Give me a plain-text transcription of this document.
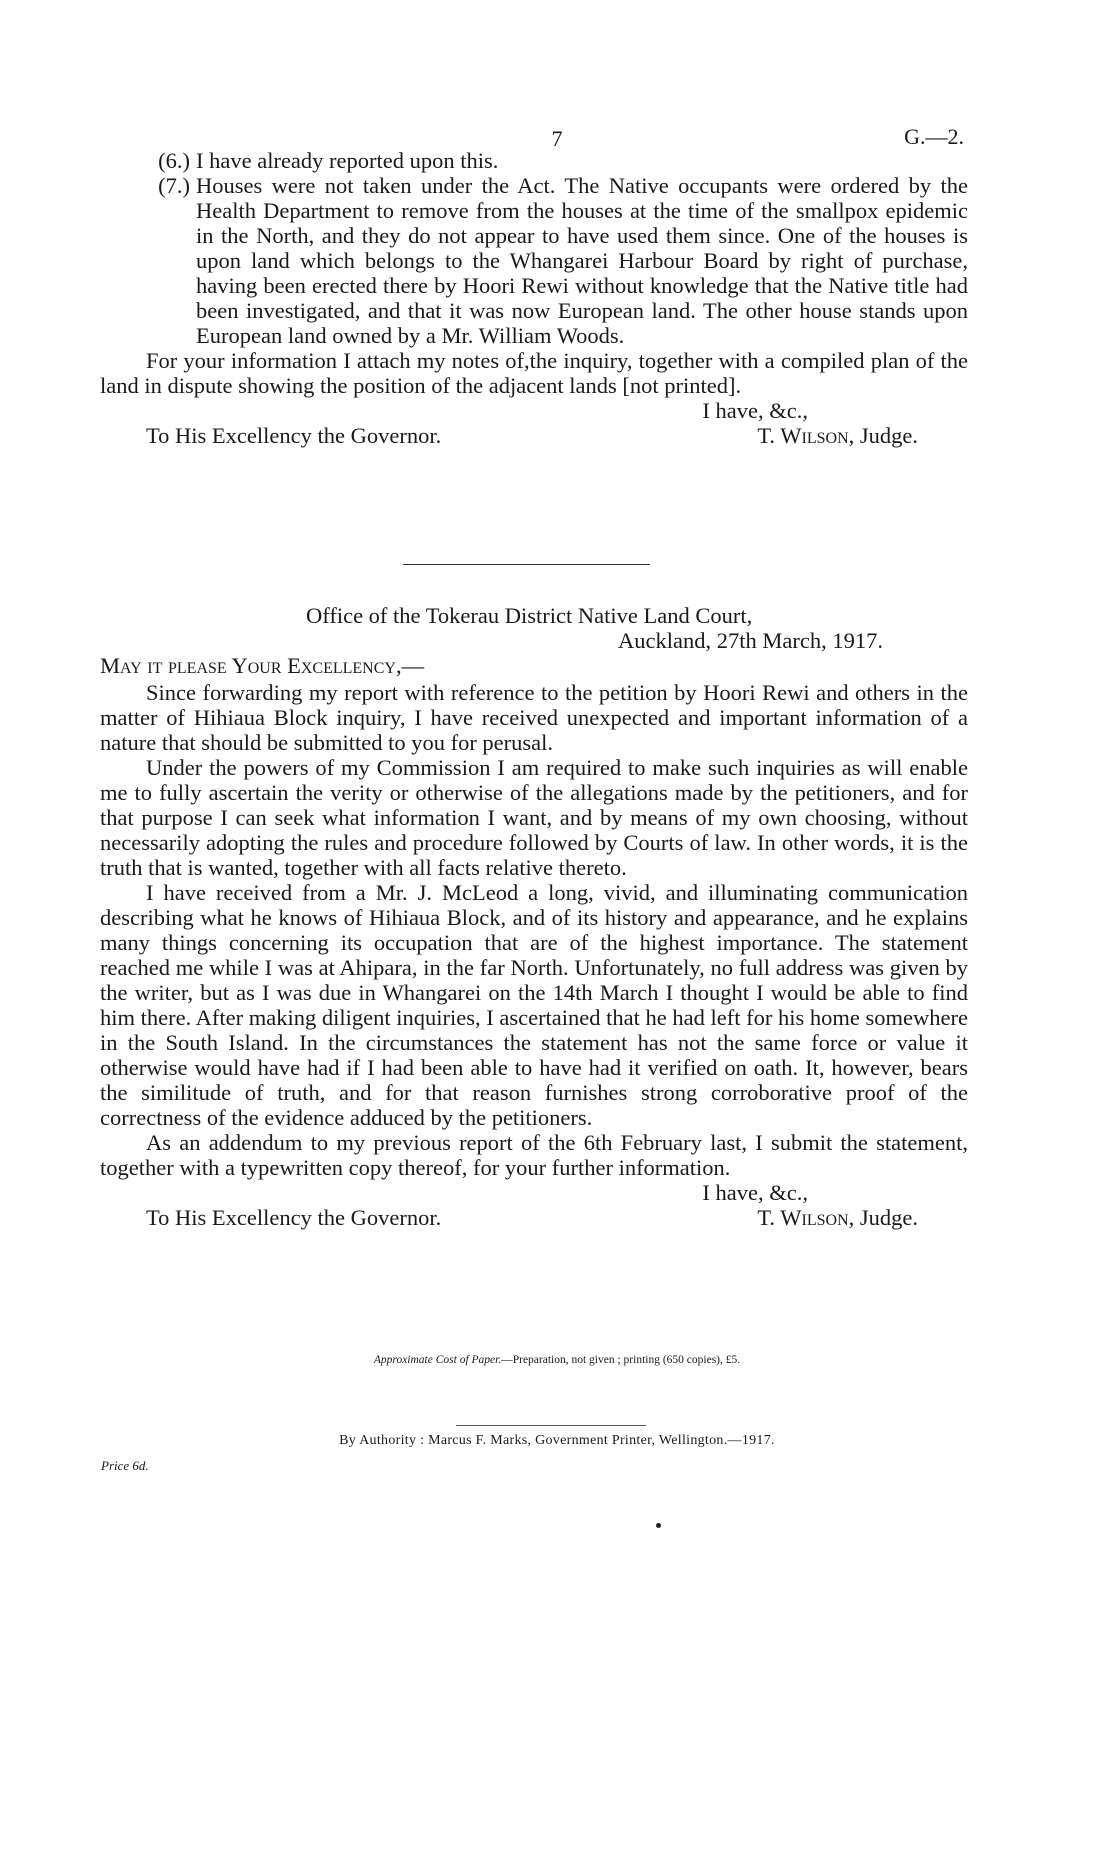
7	G.—2.
(6.) I have already reported upon this.
(7.) Houses were not taken under the Act. The Native occupants were ordered by the Health Department to remove from the houses at the time of the smallpox epidemic in the North, and they do not appear to have used them since. One of the houses is upon land which belongs to the Whangarei Harbour Board by right of purchase, having been erected there by Hoori Rewi without knowledge that the Native title had been investigated, and that it was now European land. The other house stands upon European land owned by a Mr. William Woods.

For your information I attach my notes of,the inquiry, together with a compiled plan of the land in dispute showing the position of the adjacent lands [not printed].

I have, &c.,
To His Excellency the Governor.	T. Wilson, Judge.
Office of the Tokerau District Native Land Court,
Auckland, 27th March, 1917.
May it please Your Excellency,—

Since forwarding my report with reference to the petition by Hoori Rewi and others in the matter of Hihiaua Block inquiry, I have received unexpected and important information of a nature that should be submitted to you for perusal.

Under the powers of my Commission I am required to make such inquiries as will enable me to fully ascertain the verity or otherwise of the allegations made by the petitioners, and for that purpose I can seek what information I want, and by means of my own choosing, without necessarily adopting the rules and procedure followed by Courts of law. In other words, it is the truth that is wanted, together with all facts relative thereto.

I have received from a Mr. J. McLeod a long, vivid, and illuminating communication describing what he knows of Hihiaua Block, and of its history and appearance, and he explains many things concerning its occupation that are of the highest importance. The statement reached me while I was at Ahipara, in the far North. Unfortunately, no full address was given by the writer, but as I was due in Whangarei on the 14th March I thought I would be able to find him there. After making diligent inquiries, I ascertained that he had left for his home somewhere in the South Island. In the circumstances the statement has not the same force or value it otherwise would have had if I had been able to have had it verified on oath. It, however, bears the similitude of truth, and for that reason furnishes strong corroborative proof of the correctness of the evidence adduced by the petitioners.

As an addendum to my previous report of the 6th February last, I submit the statement, together with a typewritten copy thereof, for your further information.

I have, &c.,
To His Excellency the Governor.	T. Wilson, Judge.
Approximate Cost of Paper.—Preparation, not given ; printing (650 copies), £5.
By Authority : Marcus F. Marks, Government Printer, Wellington.—1917.
Price 6d.
